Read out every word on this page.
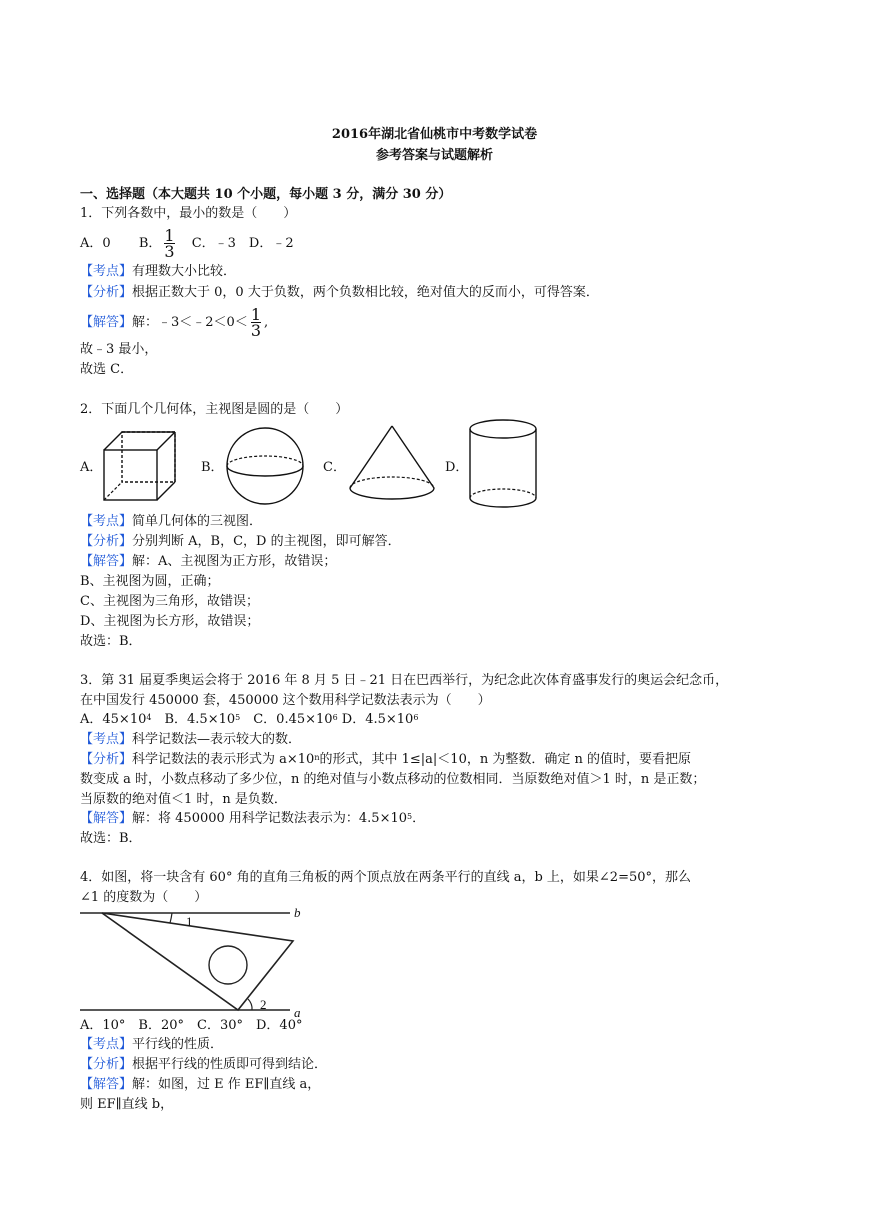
2016年湖北省仙桃市中考数学试卷
参考答案与试题解析
一、选择题（本大题共 10 个小题，每小题 3 分，满分 30 分）
1．下列各数中，最小的数是（　　）
A．0 B． $\frac{1}{3}$ C．﹣3　D．﹣2
【考点】有理数大小比较．
【分析】根据正数大于 0，0 大于负数，两个负数相比较，绝对值大的反而小，可得答案．
【解答】解：﹣3＜﹣2＜0＜ $\frac{1}{3}$ ,
故﹣3 最小，
故选 C．
2．下面几个几何体，主视图是圆的是（　　）
A．	B．	C．	D．
【考点】简单几何体的三视图．
【分析】分别判断 A，B，C，D 的主视图，即可解答．
【解答】解：A、主视图为正方形，故错误；
B、主视图为圆，正确；
C、主视图为三角形，故错误；
D、主视图为长方形，故错误；
故选：B．
3．第 31 届夏季奥运会将于 2016 年 8 月 5 日﹣21 日在巴西举行，为纪念此次体育盛事发行的奥运会纪念币，
在中国发行 450000 套，450000 这个数用科学记数法表示为（　　）
A．$45\times 10^4$　B．$4.5\times 10^5$　C．$0.45\times 10^6$ D．$4.5\times 10^6$
【考点】科学记数法—表示较大的数．
【分析】科学记数法的表示形式为 $a\times 10^n$的形式，其中 1≤|a|＜10，n 为整数．确定 n 的值时，要看把原
数变成 a 时，小数点移动了多少位，n 的绝对值与小数点移动的位数相同．当原数绝对值＞1 时，n 是正数；
当原数的绝对值＜1 时，n 是负数．
【解答】解：将 450000 用科学记数法表示为：$4.5\times 10^5$．
故选：B．
4．如图，将一块含有 60° 角的直角三角板的两个顶点放在两条平行的直线 a，b 上，如果∠2=50°，那么
∠1 的度数为（　　）
1
2
b
a
A．10°　B．20°　C．30°　D．40°
【考点】平行线的性质．
【分析】根据平行线的性质即可得到结论．
【解答】解：如图，过 E 作 EF∥直线 a，
则 EF∥直线 b，
